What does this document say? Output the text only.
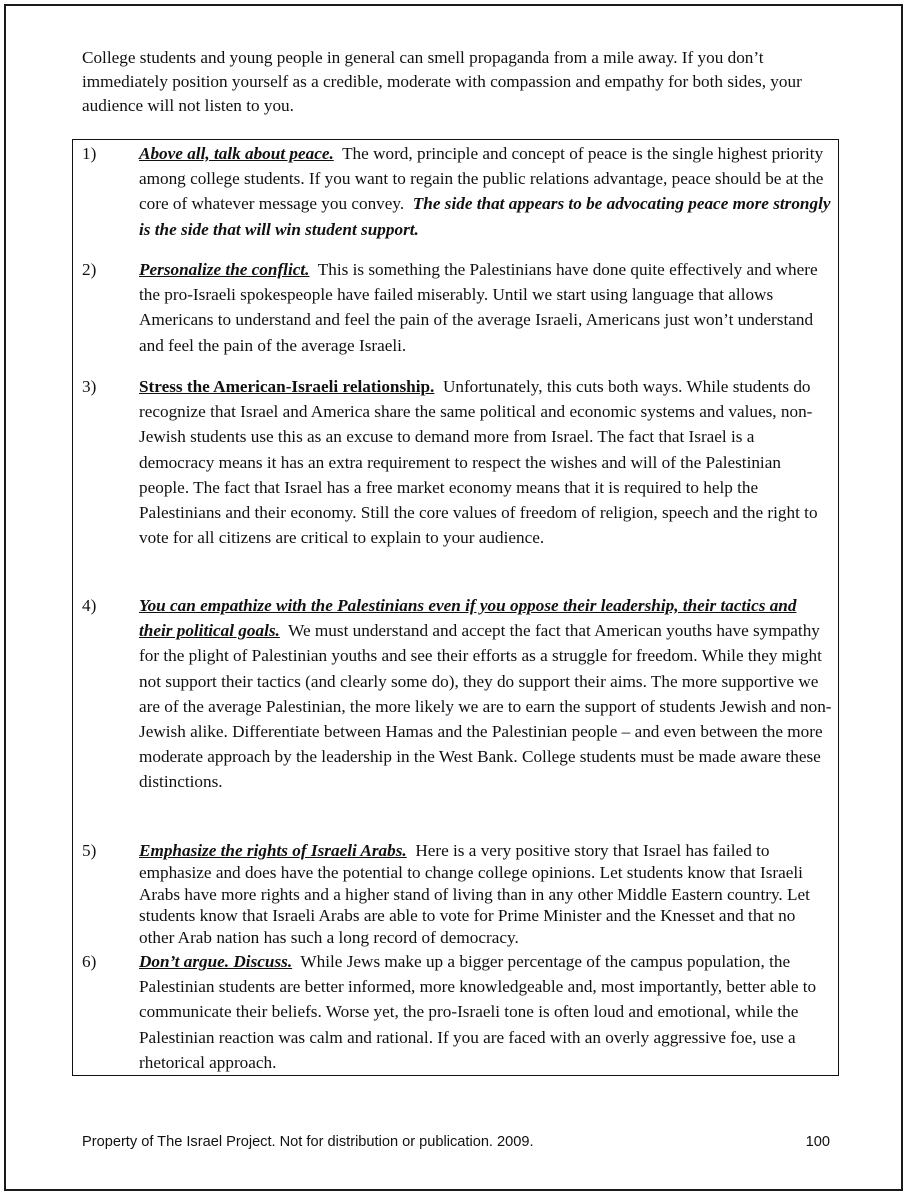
College students and young people in general can smell propaganda from a mile away. If you don’t immediately position yourself as a credible, moderate with compassion and empathy for both sides, your audience will not listen to you.

1)	Above all, talk about peace. The word, principle and concept of peace is the single highest priority among college students. If you want to regain the public relations advantage, peace should be at the core of whatever message you convey. The side that appears to be advocating peace more strongly is the side that will win student support.
2)	Personalize the conflict. This is something the Palestinians have done quite effectively and where the pro-Israeli spokespeople have failed miserably. Until we start using language that allows Americans to understand and feel the pain of the average Israeli, Americans just won’t understand and feel the pain of the average Israeli.
3)	Stress the American-Israeli relationship. Unfortunately, this cuts both ways. While students do recognize that Israel and America share the same political and economic systems and values, non-Jewish students use this as an excuse to demand more from Israel. The fact that Israel is a democracy means it has an extra requirement to respect the wishes and will of the Palestinian people. The fact that Israel has a free market economy means that it is required to help the Palestinians and their economy. Still the core values of freedom of religion, speech and the right to vote for all citizens are critical to explain to your audience.
4)	You can empathize with the Palestinians even if you oppose their leadership, their tactics and their political goals. We must understand and accept the fact that American youths have sympathy for the plight of Palestinian youths and see their efforts as a struggle for freedom. While they might not support their tactics (and clearly some do), they do support their aims. The more supportive we are of the average Palestinian, the more likely we are to earn the support of students Jewish and non-Jewish alike. Differentiate between Hamas and the Palestinian people – and even between the more moderate approach by the leadership in the West Bank. College students must be made aware these distinctions.
5)	Emphasize the rights of Israeli Arabs. Here is a very positive story that Israel has failed to emphasize and does have the potential to change college opinions. Let students know that Israeli Arabs have more rights and a higher stand of living than in any other Middle Eastern country. Let students know that Israeli Arabs are able to vote for Prime Minister and the Knesset and that no other Arab nation has such a long record of democracy.
6)	Don’t argue. Discuss. While Jews make up a bigger percentage of the campus population, the Palestinian students are better informed, more knowledgeable and, most importantly, better able to communicate their beliefs. Worse yet, the pro-Israeli tone is often loud and emotional, while the Palestinian reaction was calm and rational. If you are faced with an overly aggressive foe, use a rhetorical approach.
Property of The Israel Project. Not for distribution or publication. 2009.	100
